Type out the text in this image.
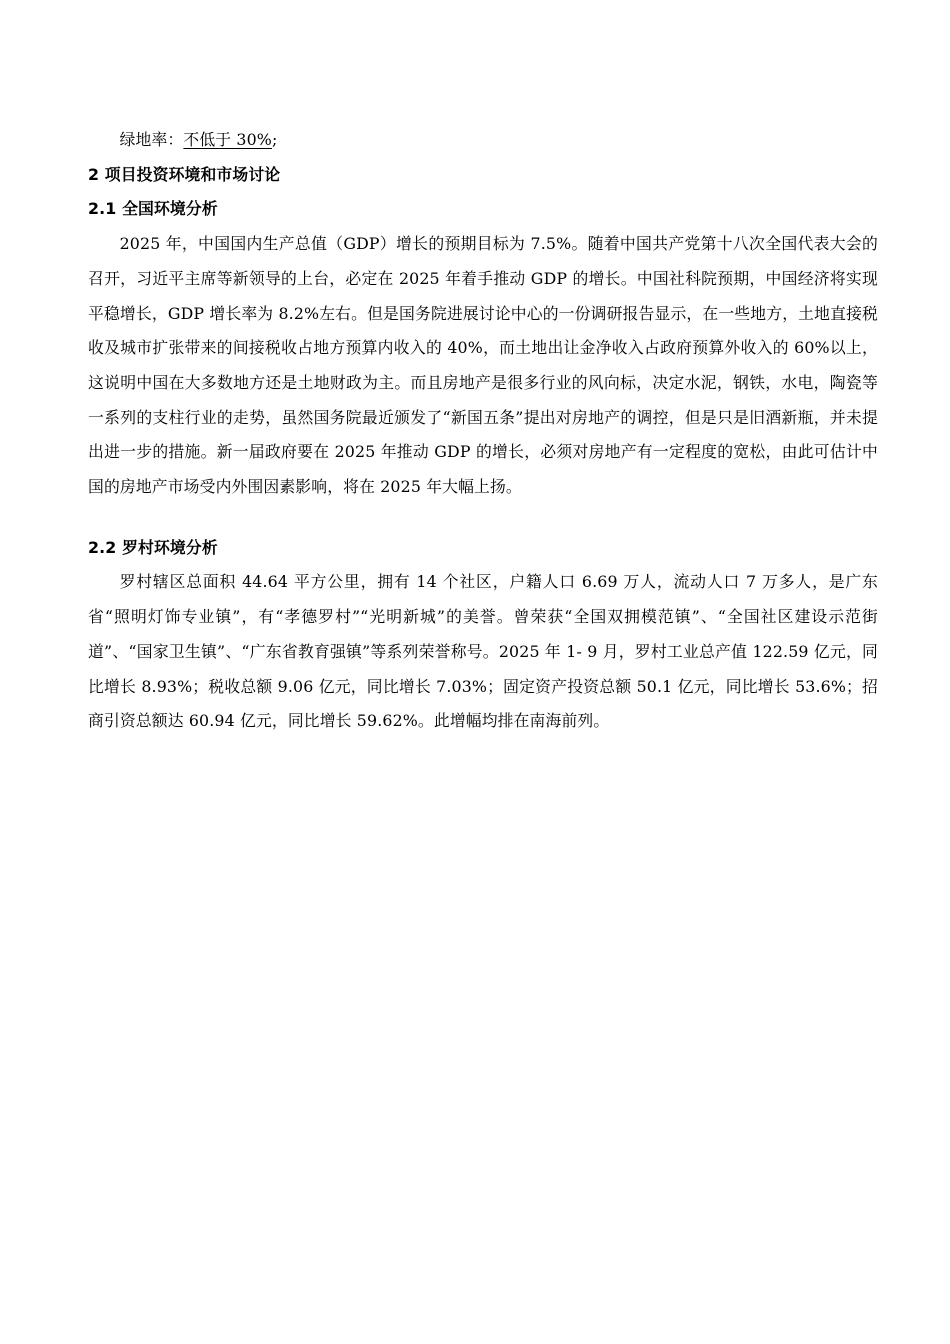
绿地率：不低于 30%;

2 项目投资环境和市场讨论
2.1 全国环境分析

2025 年，中国国内生产总值（GDP）增长的预期目标为 7.5%。随着中国共产党第十八次全国代表大会的召开，习近平主席等新领导的上台，必定在 2025 年着手推动 GDP 的增长。中国社科院预期，中国经济将实现平稳增长，GDP 增长率为 8.2%左右。但是国务院进展讨论中心的一份调研报告显示，在一些地方，土地直接税收及城市扩张带来的间接税收占地方预算内收入的 40%，而土地出让金净收入占政府预算外收入的 60%以上，这说明中国在大多数地方还是土地财政为主。而且房地产是很多行业的风向标，决定水泥，钢铁，水电，陶瓷等一系列的支柱行业的走势，虽然国务院最近颁发了“新国五条”提出对房地产的调控，但是只是旧酒新瓶，并未提出进一步的措施。新一届政府要在 2025 年推动 GDP 的增长，必须对房地产有一定程度的宽松，由此可估计中国的房地产市场受内外围因素影响，将在 2025 年大幅上扬。

2.2 罗村环境分析

罗村辖区总面积 44.64 平方公里，拥有 14 个社区，户籍人口 6.69 万人，流动人口 7 万多人，是广东省“照明灯饰专业镇”，有“孝德罗村”“光明新城”的美誉。曾荣获“全国双拥模范镇”、“全国社区建设示范街道”、“国家卫生镇”、“广东省教育强镇”等系列荣誉称号。2025 年 1- 9 月，罗村工业总产值 122.59 亿元，同比增长 8.93%；税收总额 9.06 亿元，同比增长 7.03%；固定资产投资总额 50.1 亿元，同比增长 53.6%；招商引资总额达 60.94 亿元，同比增长 59.62%。此增幅均排在南海前列。
